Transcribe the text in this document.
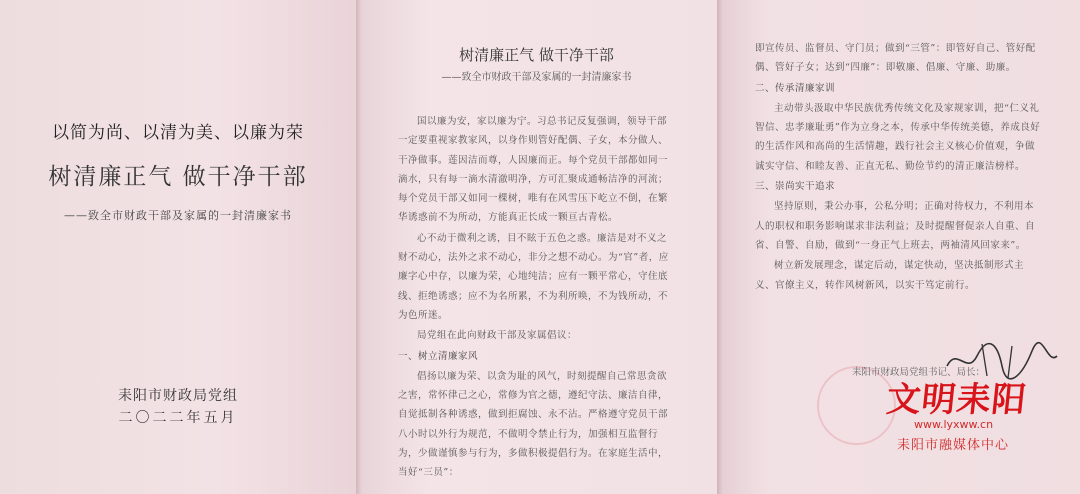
以简为尚、以清为美、以廉为荣
树清廉正气 做干净干部
——致全市财政干部及家属的一封清廉家书
耒阳市财政局党组
二〇二二年五月
树清廉正气 做干净干部
——致全市财政干部及家属的一封清廉家书

国以廉为安，家以廉为宁。习总书记反复强调，领导干部一定要重视家教家风，以身作则管好配偶、子女，本分做人、干净做事。莲因洁而尊，人因廉而正。每个党员干部都如同一滴水，只有每一滴水清澈明净，方可汇聚成通畅洁净的河流；每个党员干部又如同一棵树，唯有在风雪压下屹立不倒，在繁华诱惑前不为所动，方能真正长成一颗亘古青松。

心不动于微利之诱，目不眩于五色之惑。廉洁是对不义之财不动心，法外之求不动心，非分之想不动心。为“官”者，应廉字心中存，以廉为荣，心地纯洁；应有一颗平常心，守住底线、拒绝诱惑；应不为名所累，不为利所唤，不为钱所动，不为色所迷。

局党组在此向财政干部及家属倡议：

一、树立清廉家风

倡扬以廉为荣、以贪为耻的风气，时刻提醒自己常思贪欲之害，常怀律己之心，常修为官之德，遵纪守法、廉洁自律，自觉抵制各种诱惑，做到拒腐蚀、永不沾。严格遵守党员干部八小时以外行为规范，不做明令禁止行为，加强相互监督行为，少做谨慎参与行为，多做积极提倡行为。在家庭生活中，当好“三员”：

即宣传员、监督员、守门员；做到“三管”：即管好自己、管好配偶、管好子女；达到“四廉”：即敬廉、倡廉、守廉、助廉。

二、传承清廉家训

主动带头汲取中华民族优秀传统文化及家规家训，把“仁义礼智信、忠孝廉耻勇”作为立身之本，传承中华传统美德，养成良好的生活作风和高尚的生活情趣，践行社会主义核心价值观，争做诚实守信、和睦友善、正直无私、勤俭节约的清正廉洁榜样。

三、崇尚实干追求

坚持原则，秉公办事，公私分明；正确对待权力，不利用本人的职权和职务影响谋求非法利益；及时提醒督促亲人自重、自省、自警、自励，做到“一身正气上班去，两袖清风回家来”。

树立新发展理念，谋定后动，谋定快动，坚决抵制形式主义、官僚主义，转作风树新风，以实干笃定前行。

耒阳市财政局党组书记、局长：
文明耒阳
www.lyxww.cn
耒阳市融媒体中心
